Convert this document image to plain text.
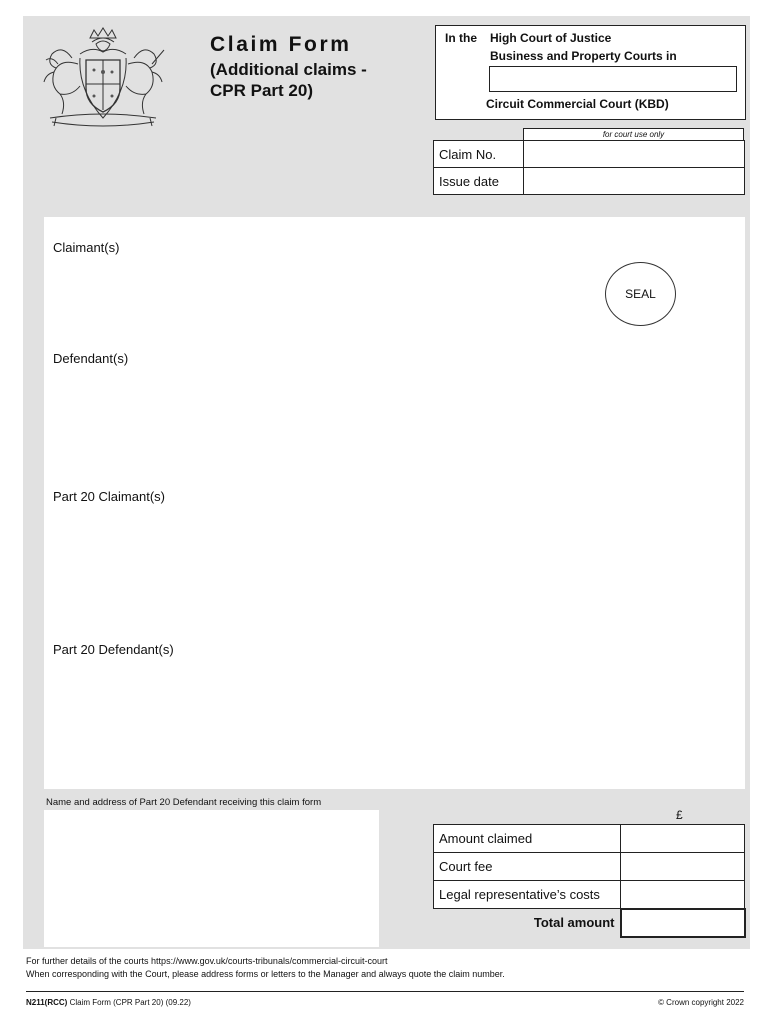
Claim Form
(Additional claims -
CPR Part 20)
In the High Court of Justice
Business and Property Courts in
Circuit Commercial Court (KBD)
for court use only
Claim No.	
Issue date	
Claimant(s)
SEAL
Defendant(s)
Part 20 Claimant(s)
Part 20 Defendant(s)
Name and address of Part 20 Defendant receiving this claim form
£
Amount claimed	
Court fee	
Legal representative’s costs	
Total amount	
For further details of the courts https://www.gov.uk/courts-tribunals/commercial-circuit-court
When corresponding with the Court, please address forms or letters to the Manager and always quote the claim number.
N211(RCC) Claim Form (CPR Part 20) (09.22)	© Crown copyright 2022
